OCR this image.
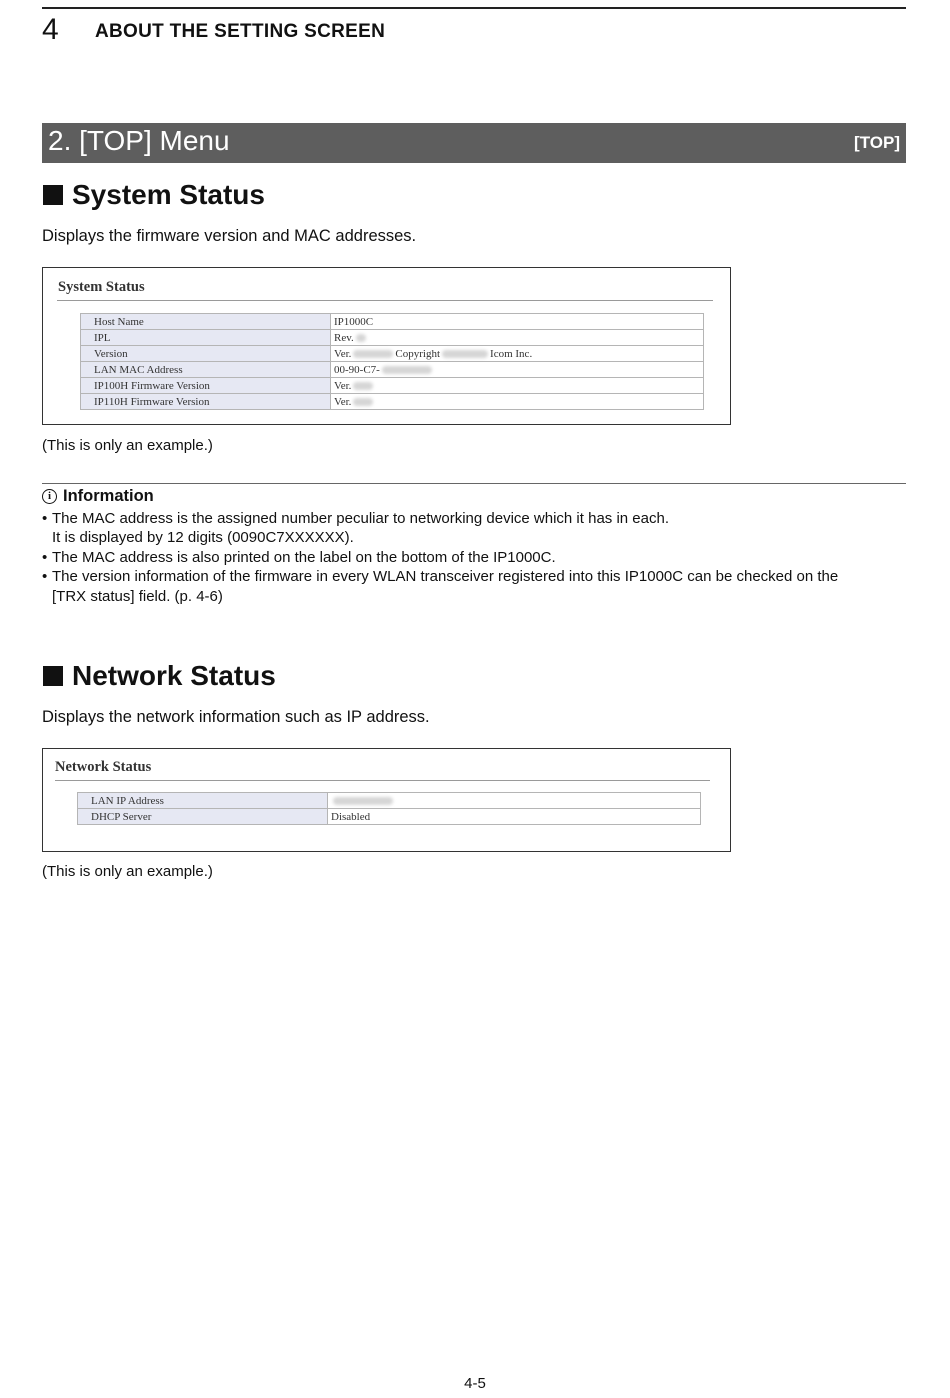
4 ABOUT THE SETTING SCREEN
2. [TOP] Menu	[TOP]
System Status
Displays the firmware version and MAC addresses.
System Status
Host Name	IP1000C
IPL	Rev.
Version	Ver. Copyright Icom Inc.
LAN MAC Address	00-90-C7-
IP100H Firmware Version	Ver.
IP110H Firmware Version	Ver.
(This is only an example.)
i Information
• The MAC address is the assigned number peculiar to networking device which it has in each.
It is displayed by 12 digits (0090C7XXXXXX).
• The MAC address is also printed on the label on the bottom of the IP1000C.
• The version information of the firmware in every WLAN transceiver registered into this IP1000C can be checked on the
[TRX status] field. (p. 4-6)
Network Status
Displays the network information such as IP address.
Network Status
LAN IP Address	
DHCP Server	Disabled
(This is only an example.)
4-5
